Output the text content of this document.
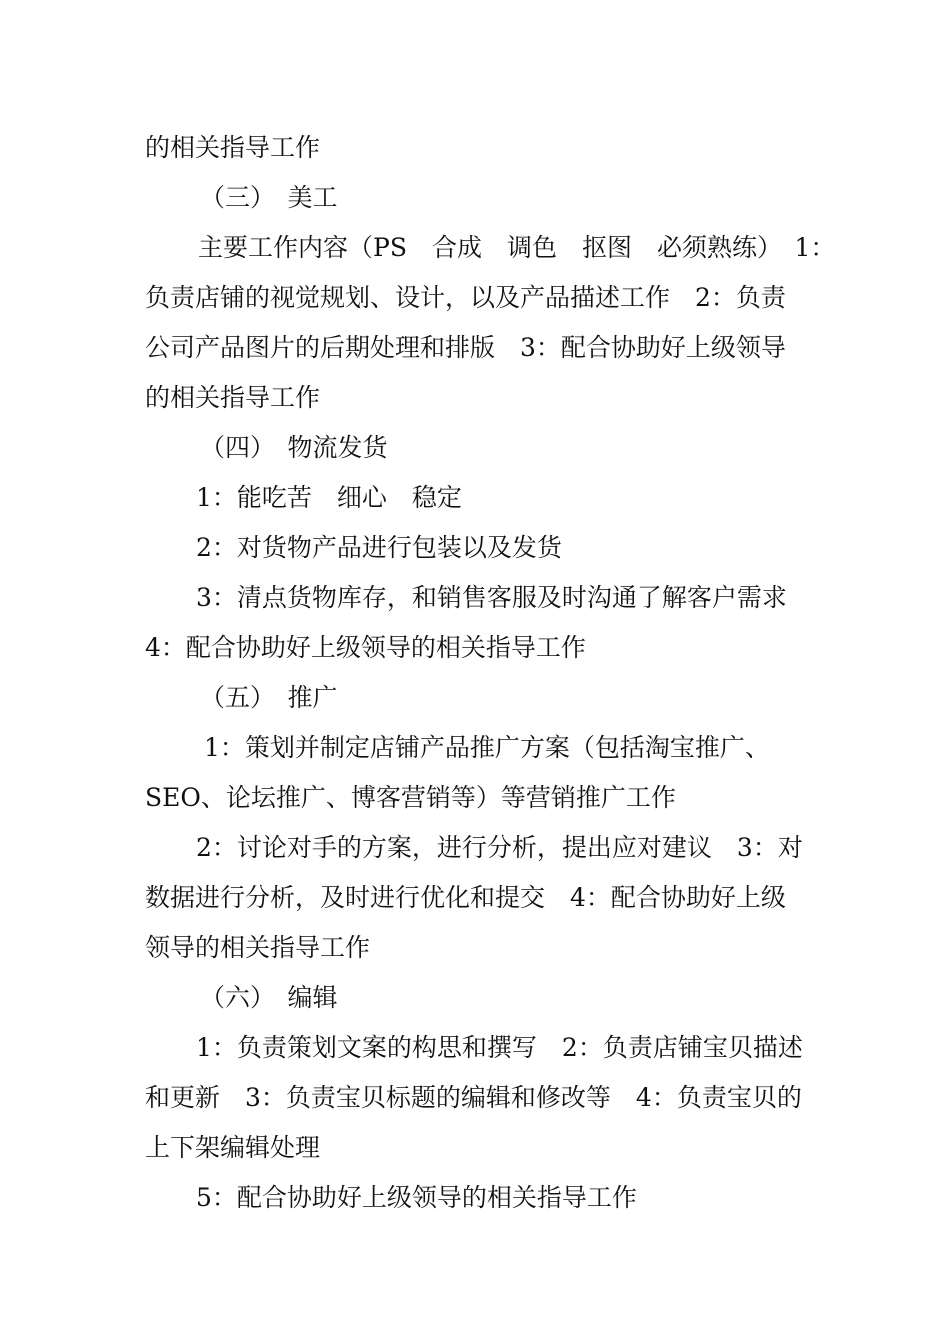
的相关指导工作
（三）　美工
主要工作内容（PS　合成　调色　抠图　必须熟练）　1：
负责店铺的视觉规划、设计，以及产品描述工作　2：负责
公司产品图片的后期处理和排版　3：配合协助好上级领导
的相关指导工作
（四）　物流发货
1：能吃苦　细心　稳定
2：对货物产品进行包装以及发货
3：清点货物库存，和销售客服及时沟通了解客户需求
4：配合协助好上级领导的相关指导工作
（五）　推广
1：策划并制定店铺产品推广方案（包括淘宝推广、
SEO、论坛推广、博客营销等）等营销推广工作
2：讨论对手的方案，进行分析，提出应对建议　3：对
数据进行分析，及时进行优化和提交　4：配合协助好上级
领导的相关指导工作
（六）　编辑
1：负责策划文案的构思和撰写　2：负责店铺宝贝描述
和更新　3：负责宝贝标题的编辑和修改等　4：负责宝贝的
上下架编辑处理
5：配合协助好上级领导的相关指导工作
